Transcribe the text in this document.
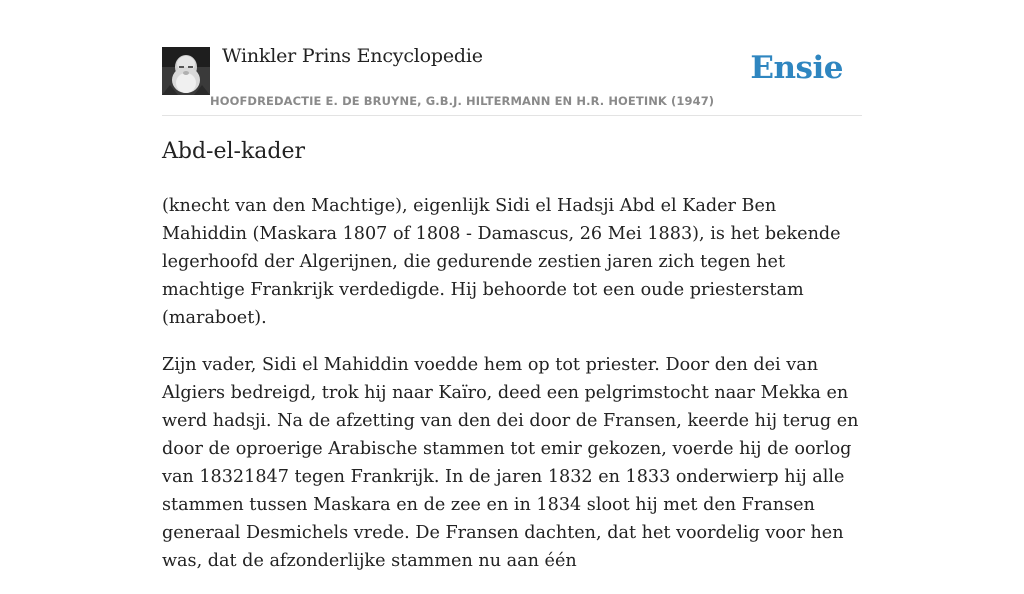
Winkler Prins Encyclopedie
HOOFDREDACTIE E. DE BRUYNE, G.B.J. HILTERMANN EN H.R. HOETINK (1947)
Ensie
Abd-el-kader

(knecht van den Machtige), eigenlijk Sidi el Hadsji Abd el Kader Ben Mahiddin (Maskara 1807 of 1808 - Damascus, 26 Mei 1883), is het bekende legerhoofd der Algerijnen, die gedurende zestien jaren zich tegen het machtige Frankrijk verdedigde. Hij behoorde tot een oude priesterstam (maraboet).

Zijn vader, Sidi el Mahiddin voedde hem op tot priester. Door den dei van Algiers bedreigd, trok hij naar Kaïro, deed een pelgrimstocht naar Mekka en werd hadsji. Na de afzetting van den dei door de Fransen, keerde hij terug en door de oproerige Arabische stammen tot emir gekozen, voerde hij de oorlog van 18321847 tegen Frankrijk. In de jaren 1832 en 1833 onderwierp hij alle stammen tussen Maskara en de zee en in 1834 sloot hij met den Fransen generaal Desmichels vrede. De Fransen dachten, dat het voordelig voor hen was, dat de afzonderlijke stammen nu aan één
